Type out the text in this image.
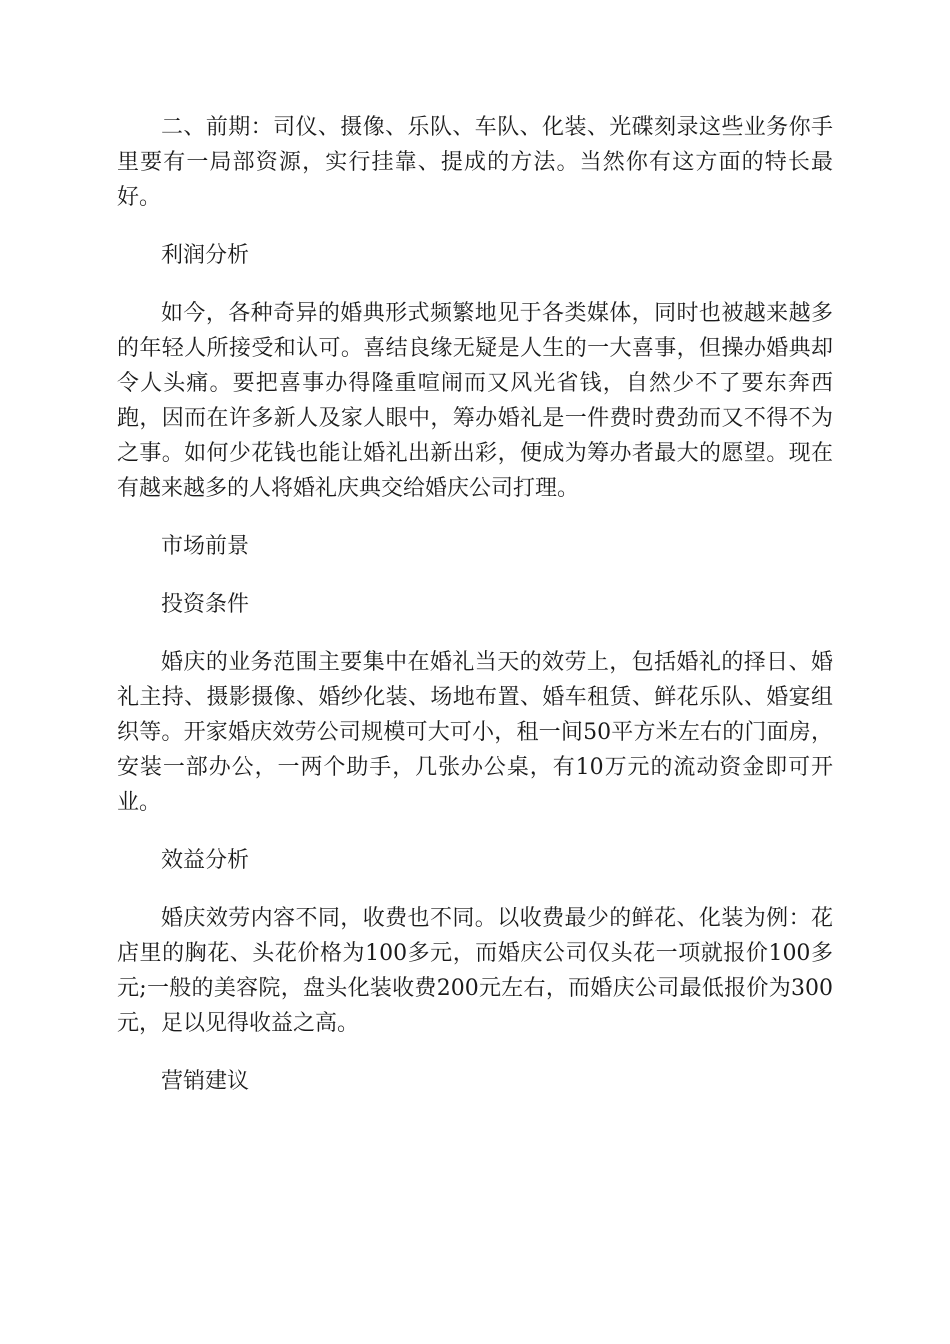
二、前期：司仪、摄像、乐队、车队、化装、光碟刻录这些业务你手里要有一局部资源，实行挂靠、提成的方法。当然你有这方面的特长最好。

利润分析

如今，各种奇异的婚典形式频繁地见于各类媒体，同时也被越来越多的年轻人所接受和认可。喜结良缘无疑是人生的一大喜事，但操办婚典却令人头痛。要把喜事办得隆重喧闹而又风光省钱，自然少不了要东奔西跑，因而在许多新人及家人眼中，筹办婚礼是一件费时费劲而又不得不为之事。如何少花钱也能让婚礼出新出彩，便成为筹办者最大的愿望。现在有越来越多的人将婚礼庆典交给婚庆公司打理。

市场前景

投资条件

婚庆的业务范围主要集中在婚礼当天的效劳上，包括婚礼的择日、婚礼主持、摄影摄像、婚纱化装、场地布置、婚车租赁、鲜花乐队、婚宴组织等。开家婚庆效劳公司规模可大可小，租一间50平方米左右的门面房，安装一部办公，一两个助手，几张办公桌，有10万元的流动资金即可开业。

效益分析

婚庆效劳内容不同，收费也不同。以收费最少的鲜花、化装为例：花店里的胸花、头花价格为100多元，而婚庆公司仅头花一项就报价100多元;一般的美容院，盘头化装收费200元左右，而婚庆公司最低报价为300元，足以见得收益之高。

营销建议
